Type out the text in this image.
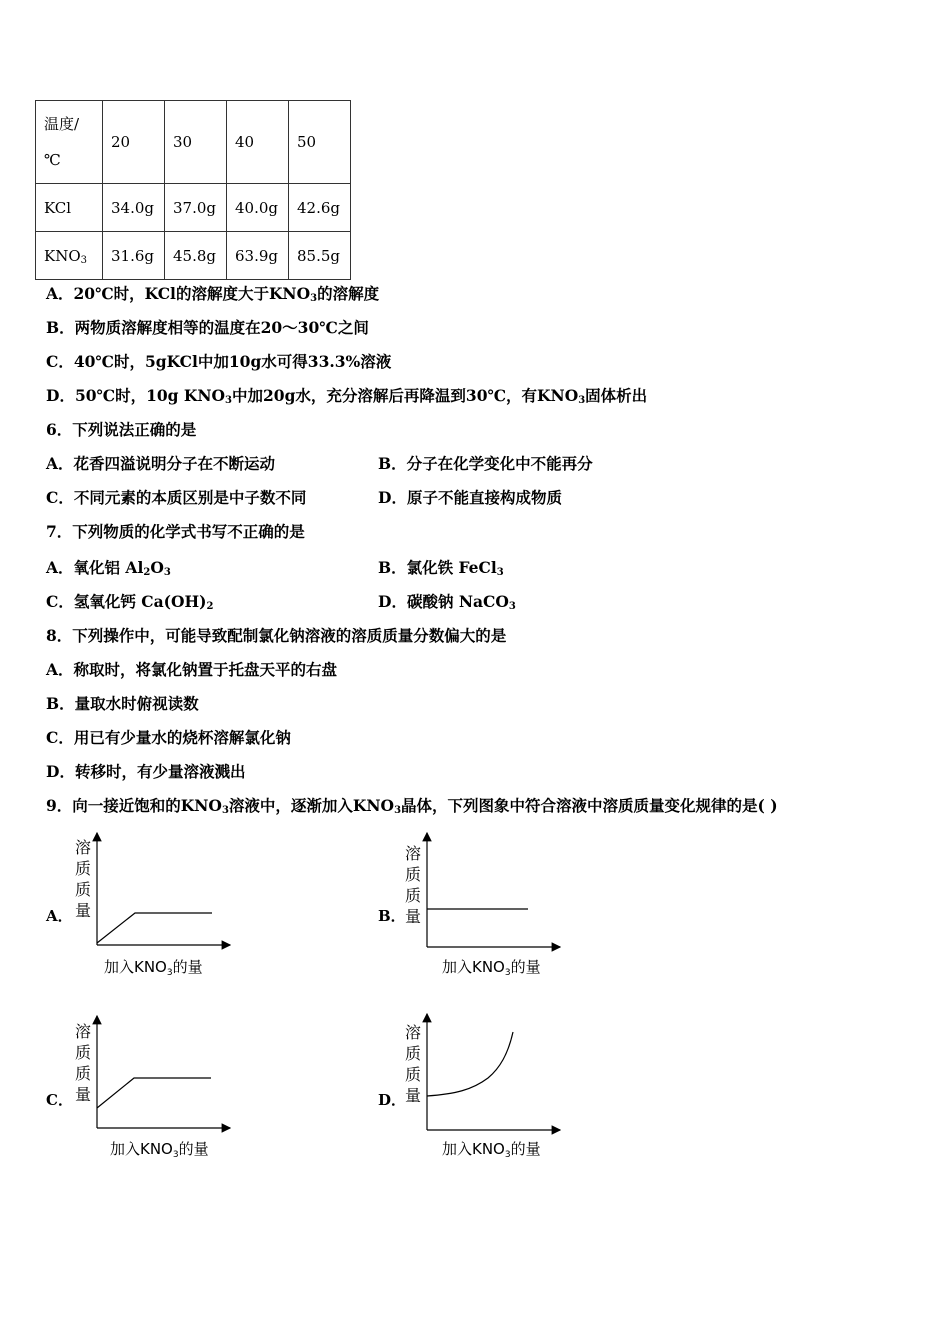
温度/℃	20	30	40	50
KCl	34.0g	37.0g	40.0g	42.6g
$KNO_3$	31.6g	45.8g	63.9g	85.5g
A．20℃时，KCl的溶解度大于$KNO_3$的溶解度
B．两物质溶解度相等的温度在20～30℃之间
C．40℃时，5gKCl中加10g水可得33.3%溶液
D．50℃时，10g $KNO_3$中加20g水，充分溶解后再降温到30℃，有$KNO_3$固体析出
6．下列说法正确的是
A．花香四溢说明分子在不断运动	B．分子在化学变化中不能再分
C．不同元素的本质区别是中子数不同	D．原子不能直接构成物质
7．下列物质的化学式书写不正确的是
A．氧化铝 $Al_2O_3$	B．氯化铁 FeCl$_3$
C．氢氧化钙 $Ca(OH)_2$	D．碳酸钠 NaCO$_3$
8．下列操作中，可能导致配制氯化钠溶液的溶质质量分数偏大的是
A．称取时，将氯化钠置于托盘天平的右盘
B．量取水时俯视读数
C．用已有少量水的烧杯溶解氯化钠
D．转移时，有少量溶液溅出
9．向一接近饱和的$KNO_3$溶液中，逐渐加入$KNO_3$晶体，下列图象中符合溶液中溶质质量变化规律的是( )
A．
溶
质
质
量
加入$KNO_3$的量
B．
溶
质
质
量
加入$KNO_3$的量
C．
溶
质
质
量
加入$KNO_3$的量
D．
溶
质
质
量
加入$KNO_3$的量
